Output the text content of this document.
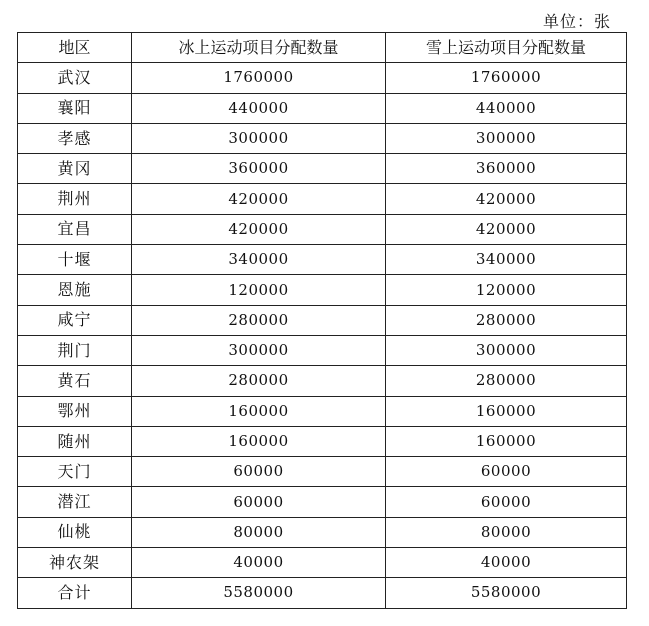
单位：张
地区	冰上运动项目分配数量	雪上运动项目分配数量
武汉	1760000	1760000
襄阳	440000	440000
孝感	300000	300000
黄冈	360000	360000
荆州	420000	420000
宜昌	420000	420000
十堰	340000	340000
恩施	120000	120000
咸宁	280000	280000
荆门	300000	300000
黄石	280000	280000
鄂州	160000	160000
随州	160000	160000
天门	60000	60000
潜江	60000	60000
仙桃	80000	80000
神农架	40000	40000
合计	5580000	5580000
